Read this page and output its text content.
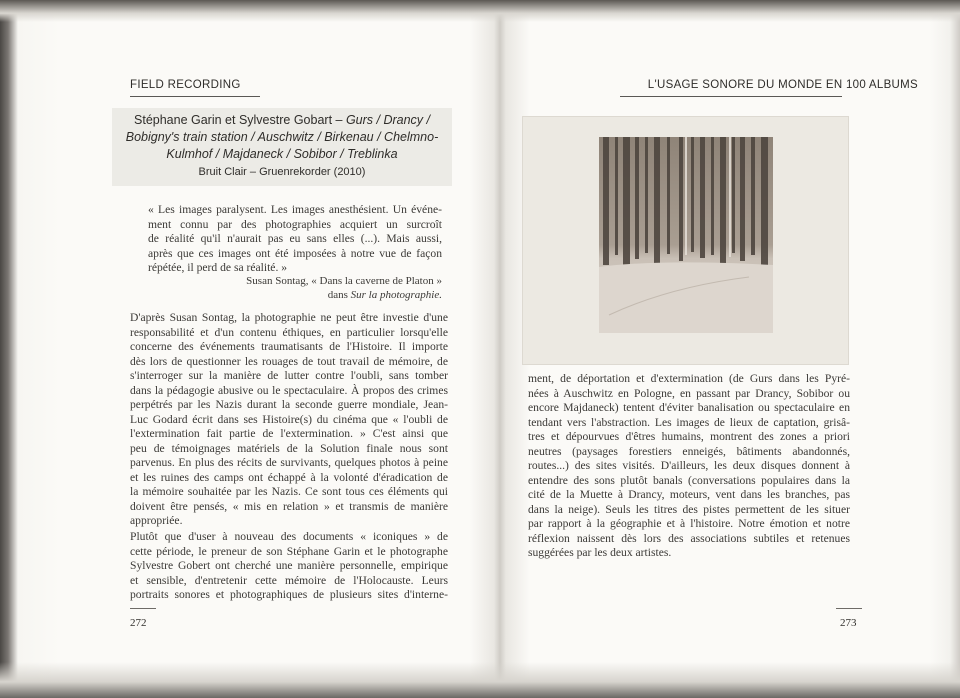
FIELD RECORDING
Stéphane Garin et Sylvestre Gobart – Gurs / Drancy /
Bobigny's train station / Auschwitz / Birkenau / Chelmno-
Kulmhof / Majdaneck / Sobibor / Treblinka
Bruit Clair – Gruenrekorder (2010)
« Les images paralysent. Les images anesthésient. Un événe-
ment connu par des photographies acquiert un surcroît
de réalité qu'il n'aurait pas eu sans elles (...). Mais aussi,
après que ces images ont été imposées à notre vue de façon
répétée, il perd de sa réalité. »
Susan Sontag, « Dans la caverne de Platon »
dans Sur la photographie.
D'après Susan Sontag, la photographie ne peut être investie d'une
responsabilité et d'un contenu éthiques, en particulier lorsqu'elle
concerne des événements traumatisants de l'Histoire. Il importe
dès lors de questionner les rouages de tout travail de mémoire, de
s'interroger sur la manière de lutter contre l'oubli, sans tomber
dans la pédagogie abusive ou le spectaculaire. À propos des crimes
perpétrés par les Nazis durant la seconde guerre mondiale, Jean-
Luc Godard écrit dans ses Histoire(s) du cinéma que « l'oubli de
l'extermination fait partie de l'extermination. » C'est ainsi que
peu de témoignages matériels de la Solution finale nous sont
parvenus. En plus des récits de survivants, quelques photos à peine
et les ruines des camps ont échappé à la volonté d'éradication de
la mémoire souhaitée par les Nazis. Ce sont tous ces éléments qui
doivent être pensés, « mis en relation » et transmis de manière
appropriée.
Plutôt que d'user à nouveau des documents « iconiques » de
cette période, le preneur de son Stéphane Garin et le photographe
Sylvestre Gobert ont cherché une manière personnelle, empirique
et sensible, d'entretenir cette mémoire de l'Holocauste. Leurs
portraits sonores et photographiques de plusieurs sites d'interne-
272
L'USAGE SONORE DU MONDE EN 100 ALBUMS
ment, de déportation et d'extermination (de Gurs dans les Pyré-
nées à Auschwitz en Pologne, en passant par Drancy, Sobibor ou
encore Majdaneck) tentent d'éviter banalisation ou spectaculaire en
tendant vers l'abstraction. Les images de lieux de captation, grisâ-
tres et dépourvues d'êtres humains, montrent des zones a priori
neutres (paysages forestiers enneigés, bâtiments abandonnés,
routes...) des sites visités. D'ailleurs, les deux disques donnent à
entendre des sons plutôt banals (conversations populaires dans la
cité de la Muette à Drancy, moteurs, vent dans les branches, pas
dans la neige). Seuls les titres des pistes permettent de les situer
par rapport à la géographie et à l'histoire. Notre émotion et notre
réflexion naissent dès lors des associations subtiles et retenues
suggérées par les deux artistes.
273
